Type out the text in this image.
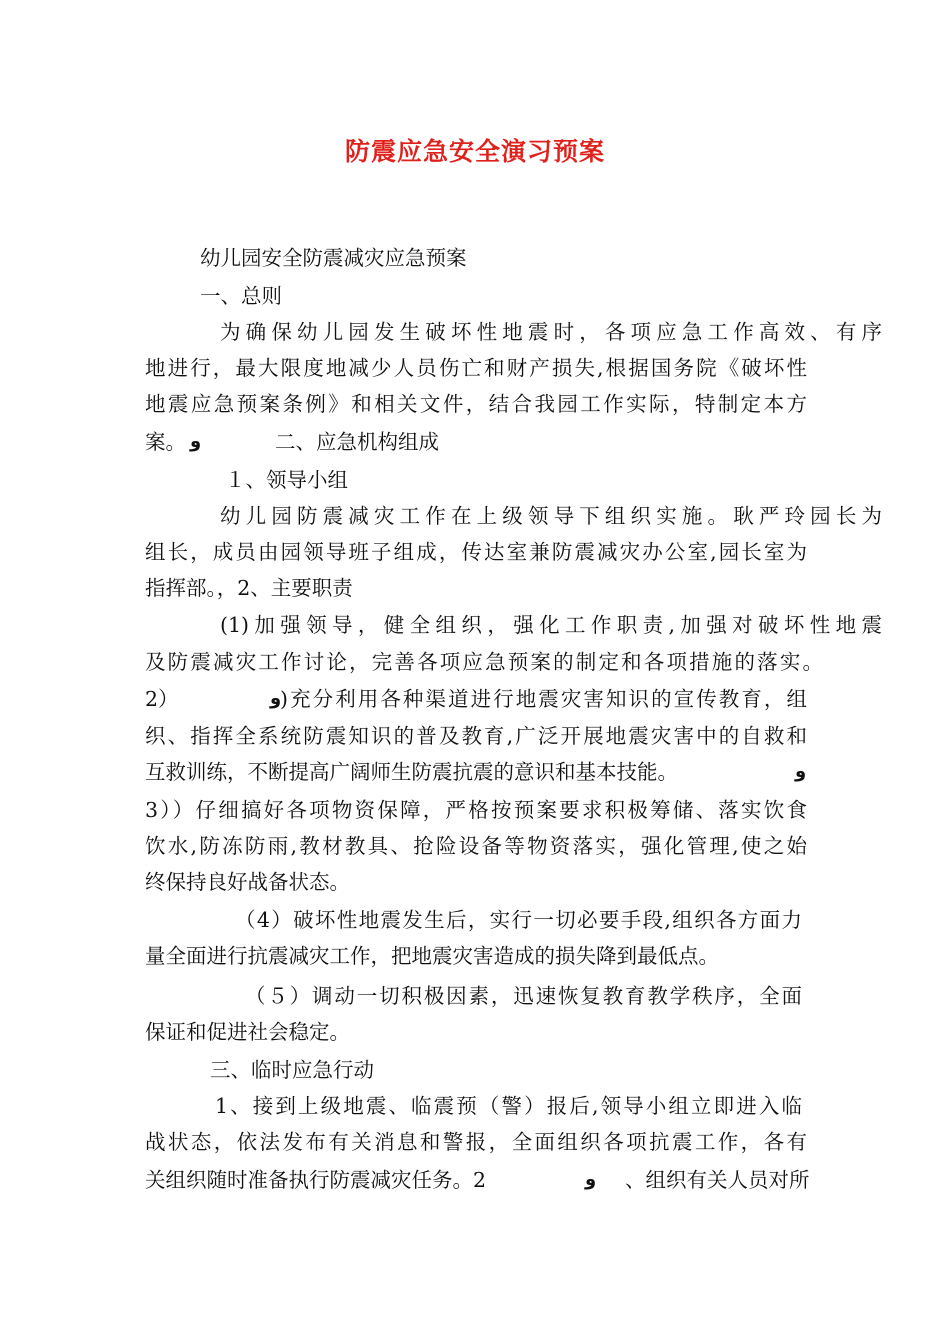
防震应急安全演习预案
幼儿园安全防震减灾应急预案
一、总则
为确保幼儿园发生破坏性地震时，各项应急工作高效、有序
地进行，最大限度地减少人员伤亡和财产损失,根据国务院《破坏性
地震应急预案条例》和相关文件，结合我园工作实际，特制定本方
案。	二、应急机构组成
１、领导小组
幼儿园防震减灾工作在上级领导下组织实施。耿严玲园长为
组长，成员由园领导班子组成，传达室兼防震减灾办公室,园长室为
指挥部。，2、主要职责
(1)加强领导，健全组织，强化工作职责,加强对破坏性地震
及防震减灾工作讨论，完善各项应急预案的制定和各项措施的落实。
2）	)充分利用各种渠道进行地震灾害知识的宣传教育，组
织、指挥全系统防震知识的普及教育,广泛开展地震灾害中的自救和
互救训练，不断提高广阔师生防震抗震的意识和基本技能。
3））仔细搞好各项物资保障，严格按预案要求积极筹储、落实饮食
饮水,防冻防雨,教材教具、抢险设备等物资落实，强化管理,使之始
终保持良好战备状态。
（4）破坏性地震发生后，实行一切必要手段,组织各方面力
量全面进行抗震减灾工作，把地震灾害造成的损失降到最低点。
（５）调动一切积极因素，迅速恢复教育教学秩序，全面
保证和促进社会稳定。
三、临时应急行动
1、接到上级地震、临震预（警）报后,领导小组立即进入临
战状态，依法发布有关消息和警报，全面组织各项抗震工作，各有
关组织随时准备执行防震减灾任务。2	、组织有关人员对所
ﻭ
ﻭ
ﻭ
ﻭ
